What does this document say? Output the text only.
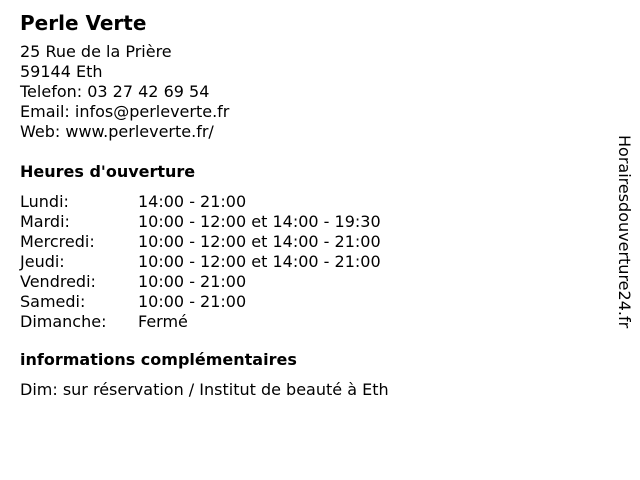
Perle Verte
25 Rue de la Prière
59144 Eth
Telefon: 03 27 42 69 54
Email: infos@perleverte.fr
Web: www.perleverte.fr/
Heures d'ouverture
Lundi:	14:00 - 21:00
Mardi:	10:00 - 12:00 et 14:00 - 19:30
Mercredi:	10:00 - 12:00 et 14:00 - 21:00
Jeudi:	10:00 - 12:00 et 14:00 - 21:00
Vendredi:	10:00 - 21:00
Samedi:	10:00 - 21:00
Dimanche:	Fermé
informations complémentaires
Dim: sur réservation / Institut de beauté à Eth
Horairesdouverture24.fr
